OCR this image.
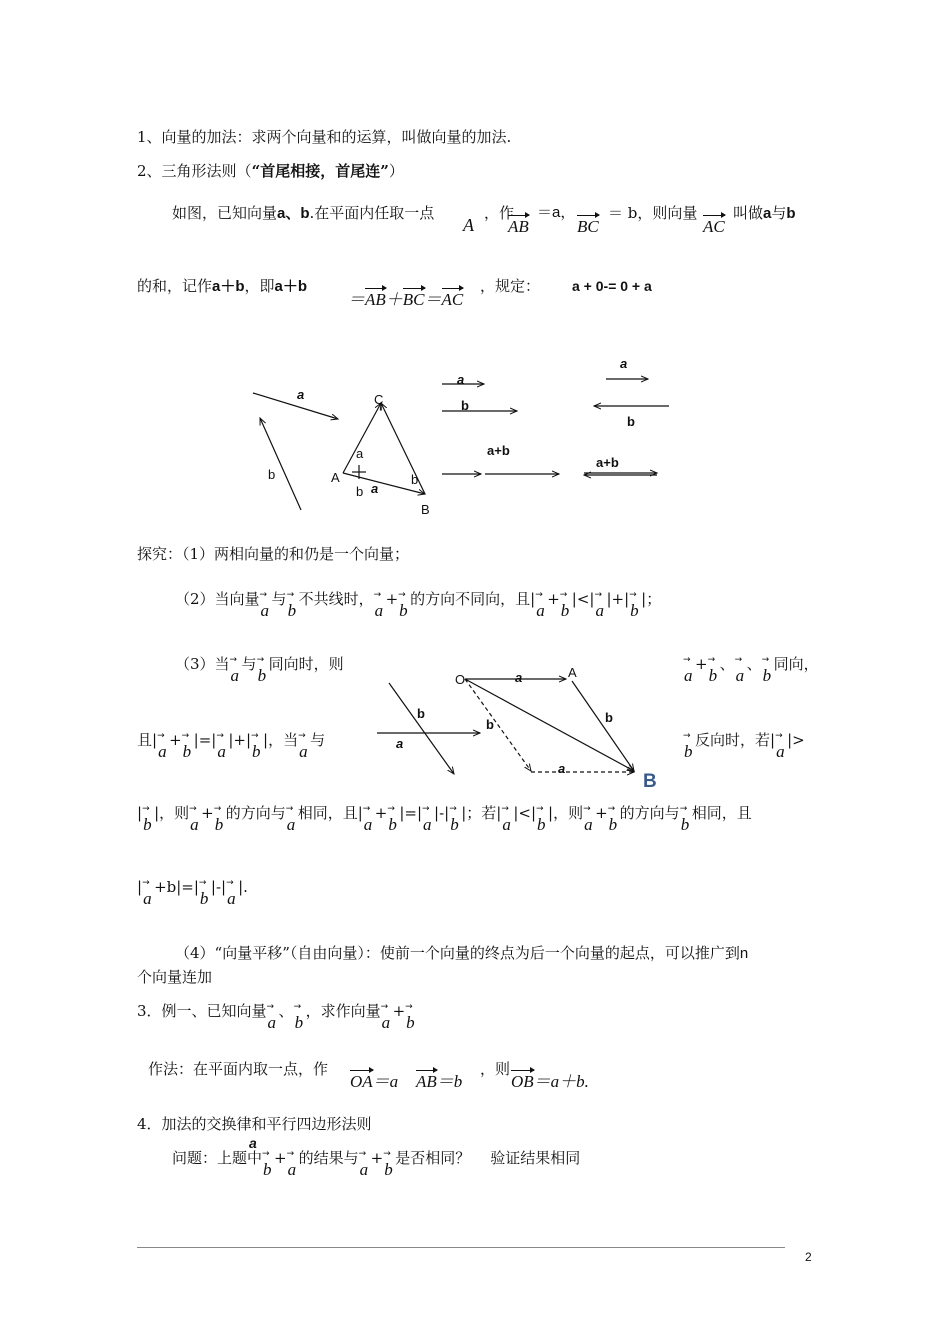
1、向量的加法：求两个向量和的运算，叫做向量的加法.
2、三角形法则（“首尾相接，首尾连”）
如图，已知向量a、b.在平面内任取一点
A
，作
AB
＝a，
BC
＝ b，则向量
AC
叫做a与b
的和，记作a＋b，即a＋b
＝AB＋BC＝AC
，规定： a + 0-= 0 + a
a
b
C
a
A
b a
b
B
a
b
a+b
a
b
a+b
O	A
B
a
b
b
a
b
a
探究：（1）两相向量的和仍是一个向量；
（2）当向量 →
a
与 →
b
不共线时， →
a
+ →
b
的方向不同向，且| →
a
+ →
b
|<| →
a
|+| →
b
|；
（3）当 →
a
与 →
b
同向时，则	→
a
+ →
b
、 →
a
、 →
b
同向，
且| →
a
+ →
b
|=| →
a
|+| →
b
|，当 →
a
与	→
b
反向时，若| →
a
|>
| →
b
|，则 →
a
+ →
b
的方向与 →
a
相同，且| →
a
+ →
b
|=| →
a
|-| →
b
|；若| →
a
|<| →
b
|，则 →
a
+ →
b
的方向与 →
b
相同，且
| →
a
+b|=| →
b
|-| →
a
|.
（4）“向量平移”（自由向量）：使前一个向量的终点为后一个向量的起点，可以推广到n
个向量连加
3．例一、已知向量 →
a
、 →
b
，求作向量 →
a
+ →
b
作法：在平面内取一点，作
OA＝a AB＝b
，则
OB＝a＋b.
4．加法的交换律和平行四边形法则
问题：上题中 →
b
+ →
a
的结果与 →
a
+ →
b
是否相同？ 验证结果相同
a
2
